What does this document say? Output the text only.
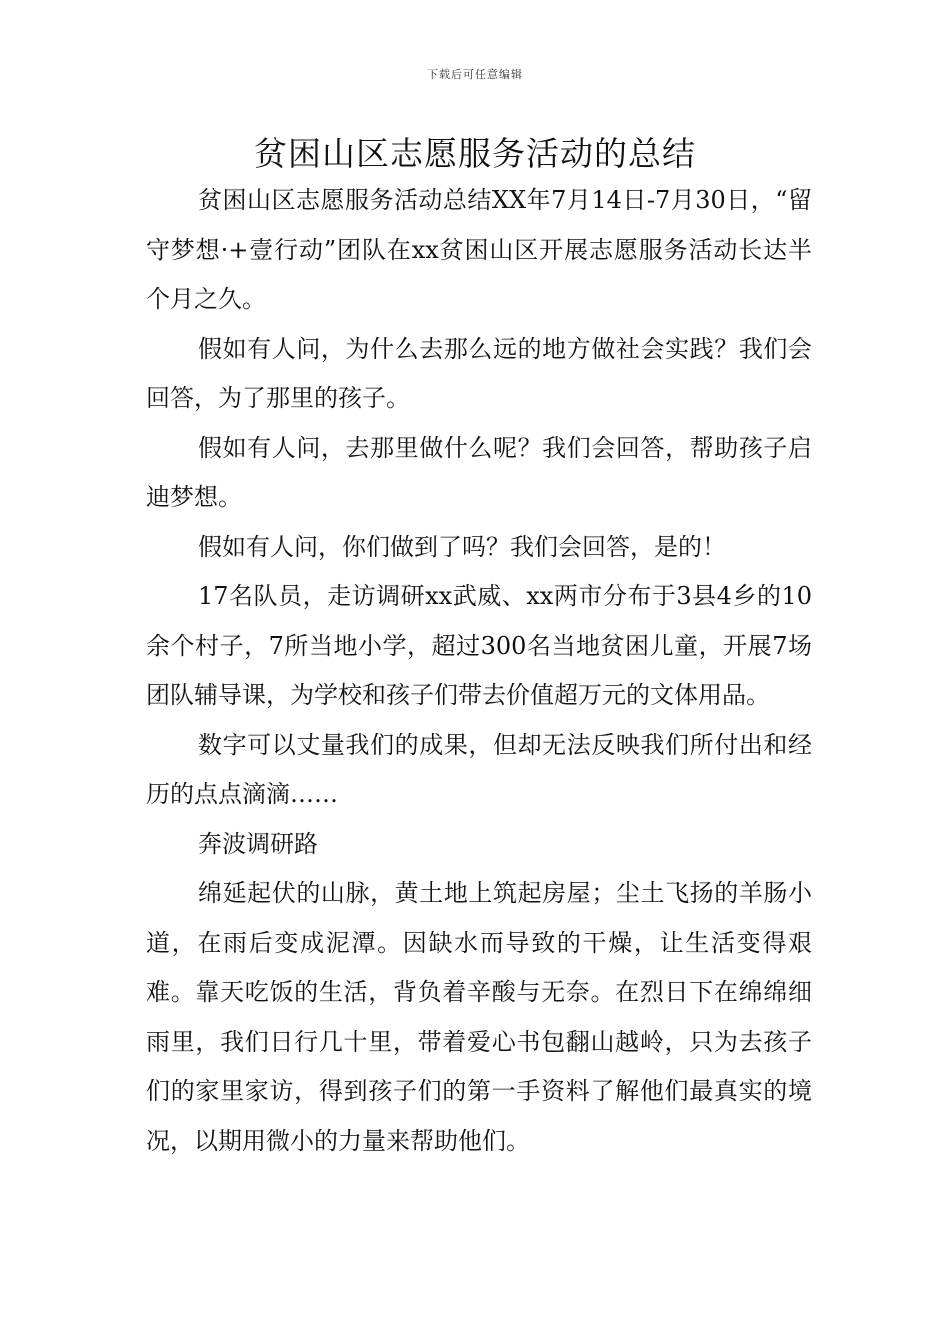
下载后可任意编辑
贫困山区志愿服务活动的总结

贫困山区志愿服务活动总结XX年7月14日-7月30日，“留守梦想·+壹行动”团队在xx贫困山区开展志愿服务活动长达半个月之久。

假如有人问，为什么去那么远的地方做社会实践？我们会回答，为了那里的孩子。

假如有人问，去那里做什么呢？我们会回答，帮助孩子启迪梦想。

假如有人问，你们做到了吗？我们会回答，是的！

17名队员，走访调研xx武威、xx两市分布于3县4乡的10余个村子，7所当地小学，超过300名当地贫困儿童，开展7场团队辅导课，为学校和孩子们带去价值超万元的文体用品。

数字可以丈量我们的成果，但却无法反映我们所付出和经历的点点滴滴……

奔波调研路

绵延起伏的山脉，黄土地上筑起房屋；尘土飞扬的羊肠小道，在雨后变成泥潭。因缺水而导致的干燥，让生活变得艰难。靠天吃饭的生活，背负着辛酸与无奈。在烈日下在绵绵细雨里，我们日行几十里，带着爱心书包翻山越岭，只为去孩子们的家里家访，得到孩子们的第一手资料了解他们最真实的境况，以期用微小的力量来帮助他们。
